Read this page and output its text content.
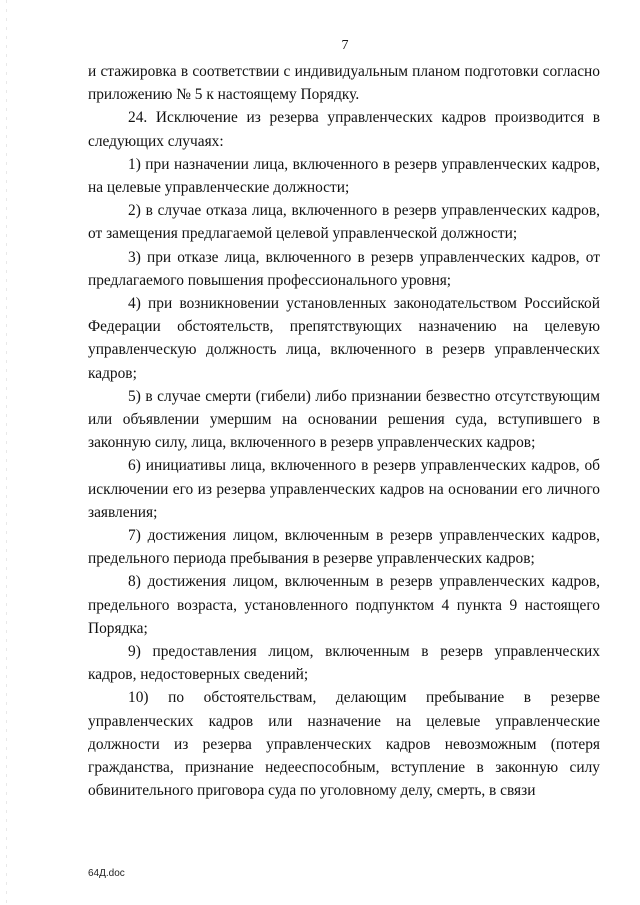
7

и стажировка в соответствии с индивидуальным планом подготовки согласно приложению № 5 к настоящему Порядку.

24. Исключение из резерва управленческих кадров производится в следующих случаях:

1) при назначении лица, включенного в резерв управленческих кадров, на целевые управленческие должности;

2) в случае отказа лица, включенного в резерв управленческих кадров, от замещения предлагаемой целевой управленческой должности;

3) при отказе лица, включенного в резерв управленческих кадров, от предлагаемого повышения профессионального уровня;

4) при возникновении установленных законодательством Российской Федерации обстоятельств, препятствующих назначению на целевую управленческую должность лица, включенного в резерв управленческих кадров;

5) в случае смерти (гибели) либо признании безвестно отсутствующим или объявлении умершим на основании решения суда, вступившего в законную силу, лица, включенного в резерв управленческих кадров;

6) инициативы лица, включенного в резерв управленческих кадров, об исключении его из резерва управленческих кадров на основании его личного заявления;

7) достижения лицом, включенным в резерв управленческих кадров, предельного периода пребывания в резерве управленческих кадров;

8) достижения лицом, включенным в резерв управленческих кадров, предельного возраста, установленного подпунктом 4 пункта 9 настоящего Порядка;

9) предоставления лицом, включенным в резерв управленческих кадров, недостоверных сведений;

10) по обстоятельствам, делающим пребывание в резерве управленческих кадров или назначение на целевые управленческие должности из резерва управленческих кадров невозможным (потеря гражданства, признание недееспособным, вступление в законную силу обвинительного приговора суда по уголовному делу, смерть, в связи

64Д.doc
